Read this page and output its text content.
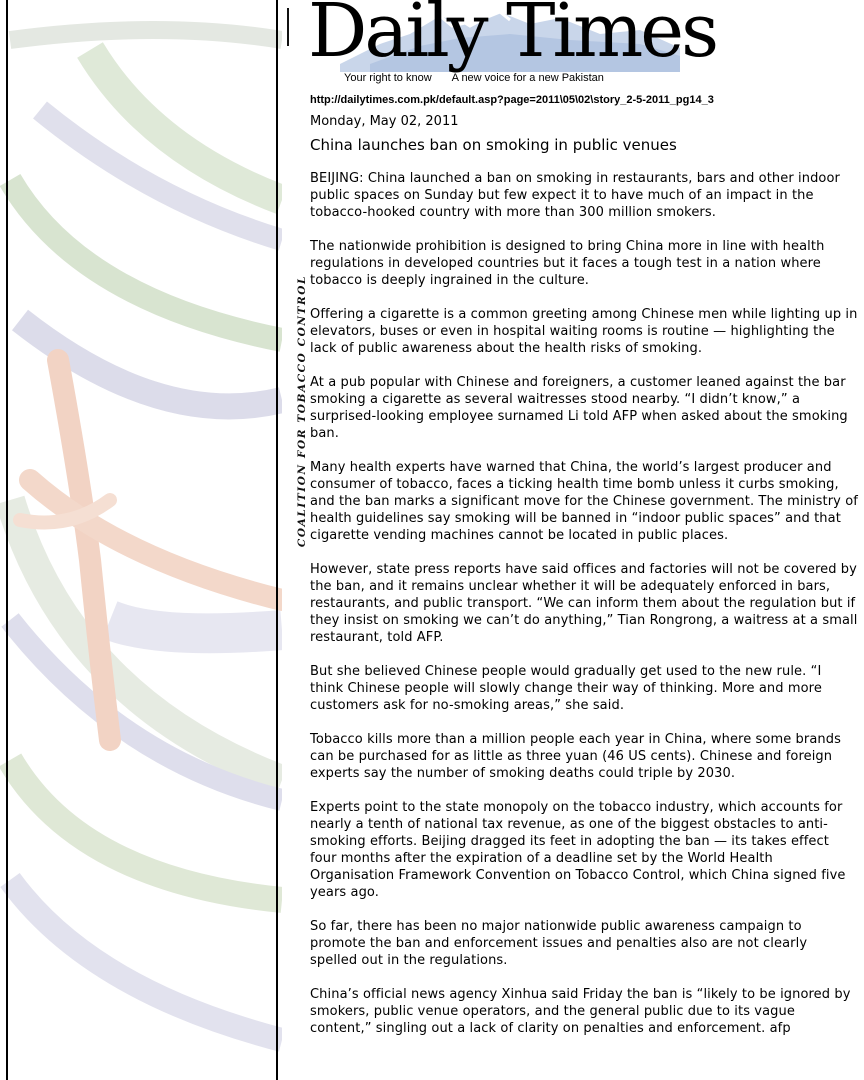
COALITION FOR TOBACCO CONTROL
Daily Times
Your right to know A new voice for a new Pakistan
http://dailytimes.com.pk/default.asp?page=2011\05\02\story_2-5-2011_pg14_3
Monday, May 02, 2011
China launches ban on smoking in public venues

BEIJING: China launched a ban on smoking in restaurants, bars and other indoor public spaces on Sunday but few expect it to have much of an impact in the tobacco-hooked country with more than 300 million smokers.

The nationwide prohibition is designed to bring China more in line with health regulations in developed countries but it faces a tough test in a nation where tobacco is deeply ingrained in the culture.

Offering a cigarette is a common greeting among Chinese men while lighting up in elevators, buses or even in hospital waiting rooms is routine — highlighting the lack of public awareness about the health risks of smoking.

At a pub popular with Chinese and foreigners, a customer leaned against the bar smoking a cigarette as several waitresses stood nearby. “I didn’t know,” a surprised-looking employee surnamed Li told AFP when asked about the smoking ban.

Many health experts have warned that China, the world’s largest producer and consumer of tobacco, faces a ticking health time bomb unless it curbs smoking, and the ban marks a significant move for the Chinese government. The ministry of health guidelines say smoking will be banned in “indoor public spaces” and that cigarette vending machines cannot be located in public places.

However, state press reports have said offices and factories will not be covered by the ban, and it remains unclear whether it will be adequately enforced in bars, restaurants, and public transport. “We can inform them about the regulation but if they insist on smoking we can’t do anything,” Tian Rongrong, a waitress at a small restaurant, told AFP.

But she believed Chinese people would gradually get used to the new rule. “I think Chinese people will slowly change their way of thinking. More and more customers ask for no-smoking areas,” she said.

Tobacco kills more than a million people each year in China, where some brands can be purchased for as little as three yuan (46 US cents). Chinese and foreign experts say the number of smoking deaths could triple by 2030.

Experts point to the state monopoly on the tobacco industry, which accounts for nearly a tenth of national tax revenue, as one of the biggest obstacles to anti-smoking efforts. Beijing dragged its feet in adopting the ban — its takes effect four months after the expiration of a deadline set by the World Health Organisation Framework Convention on Tobacco Control, which China signed five years ago.

So far, there has been no major nationwide public awareness campaign to promote the ban and enforcement issues and penalties also are not clearly spelled out in the regulations.

China’s official news agency Xinhua said Friday the ban is “likely to be ignored by smokers, public venue operators, and the general public due to its vague content,” singling out a lack of clarity on penalties and enforcement. afp
